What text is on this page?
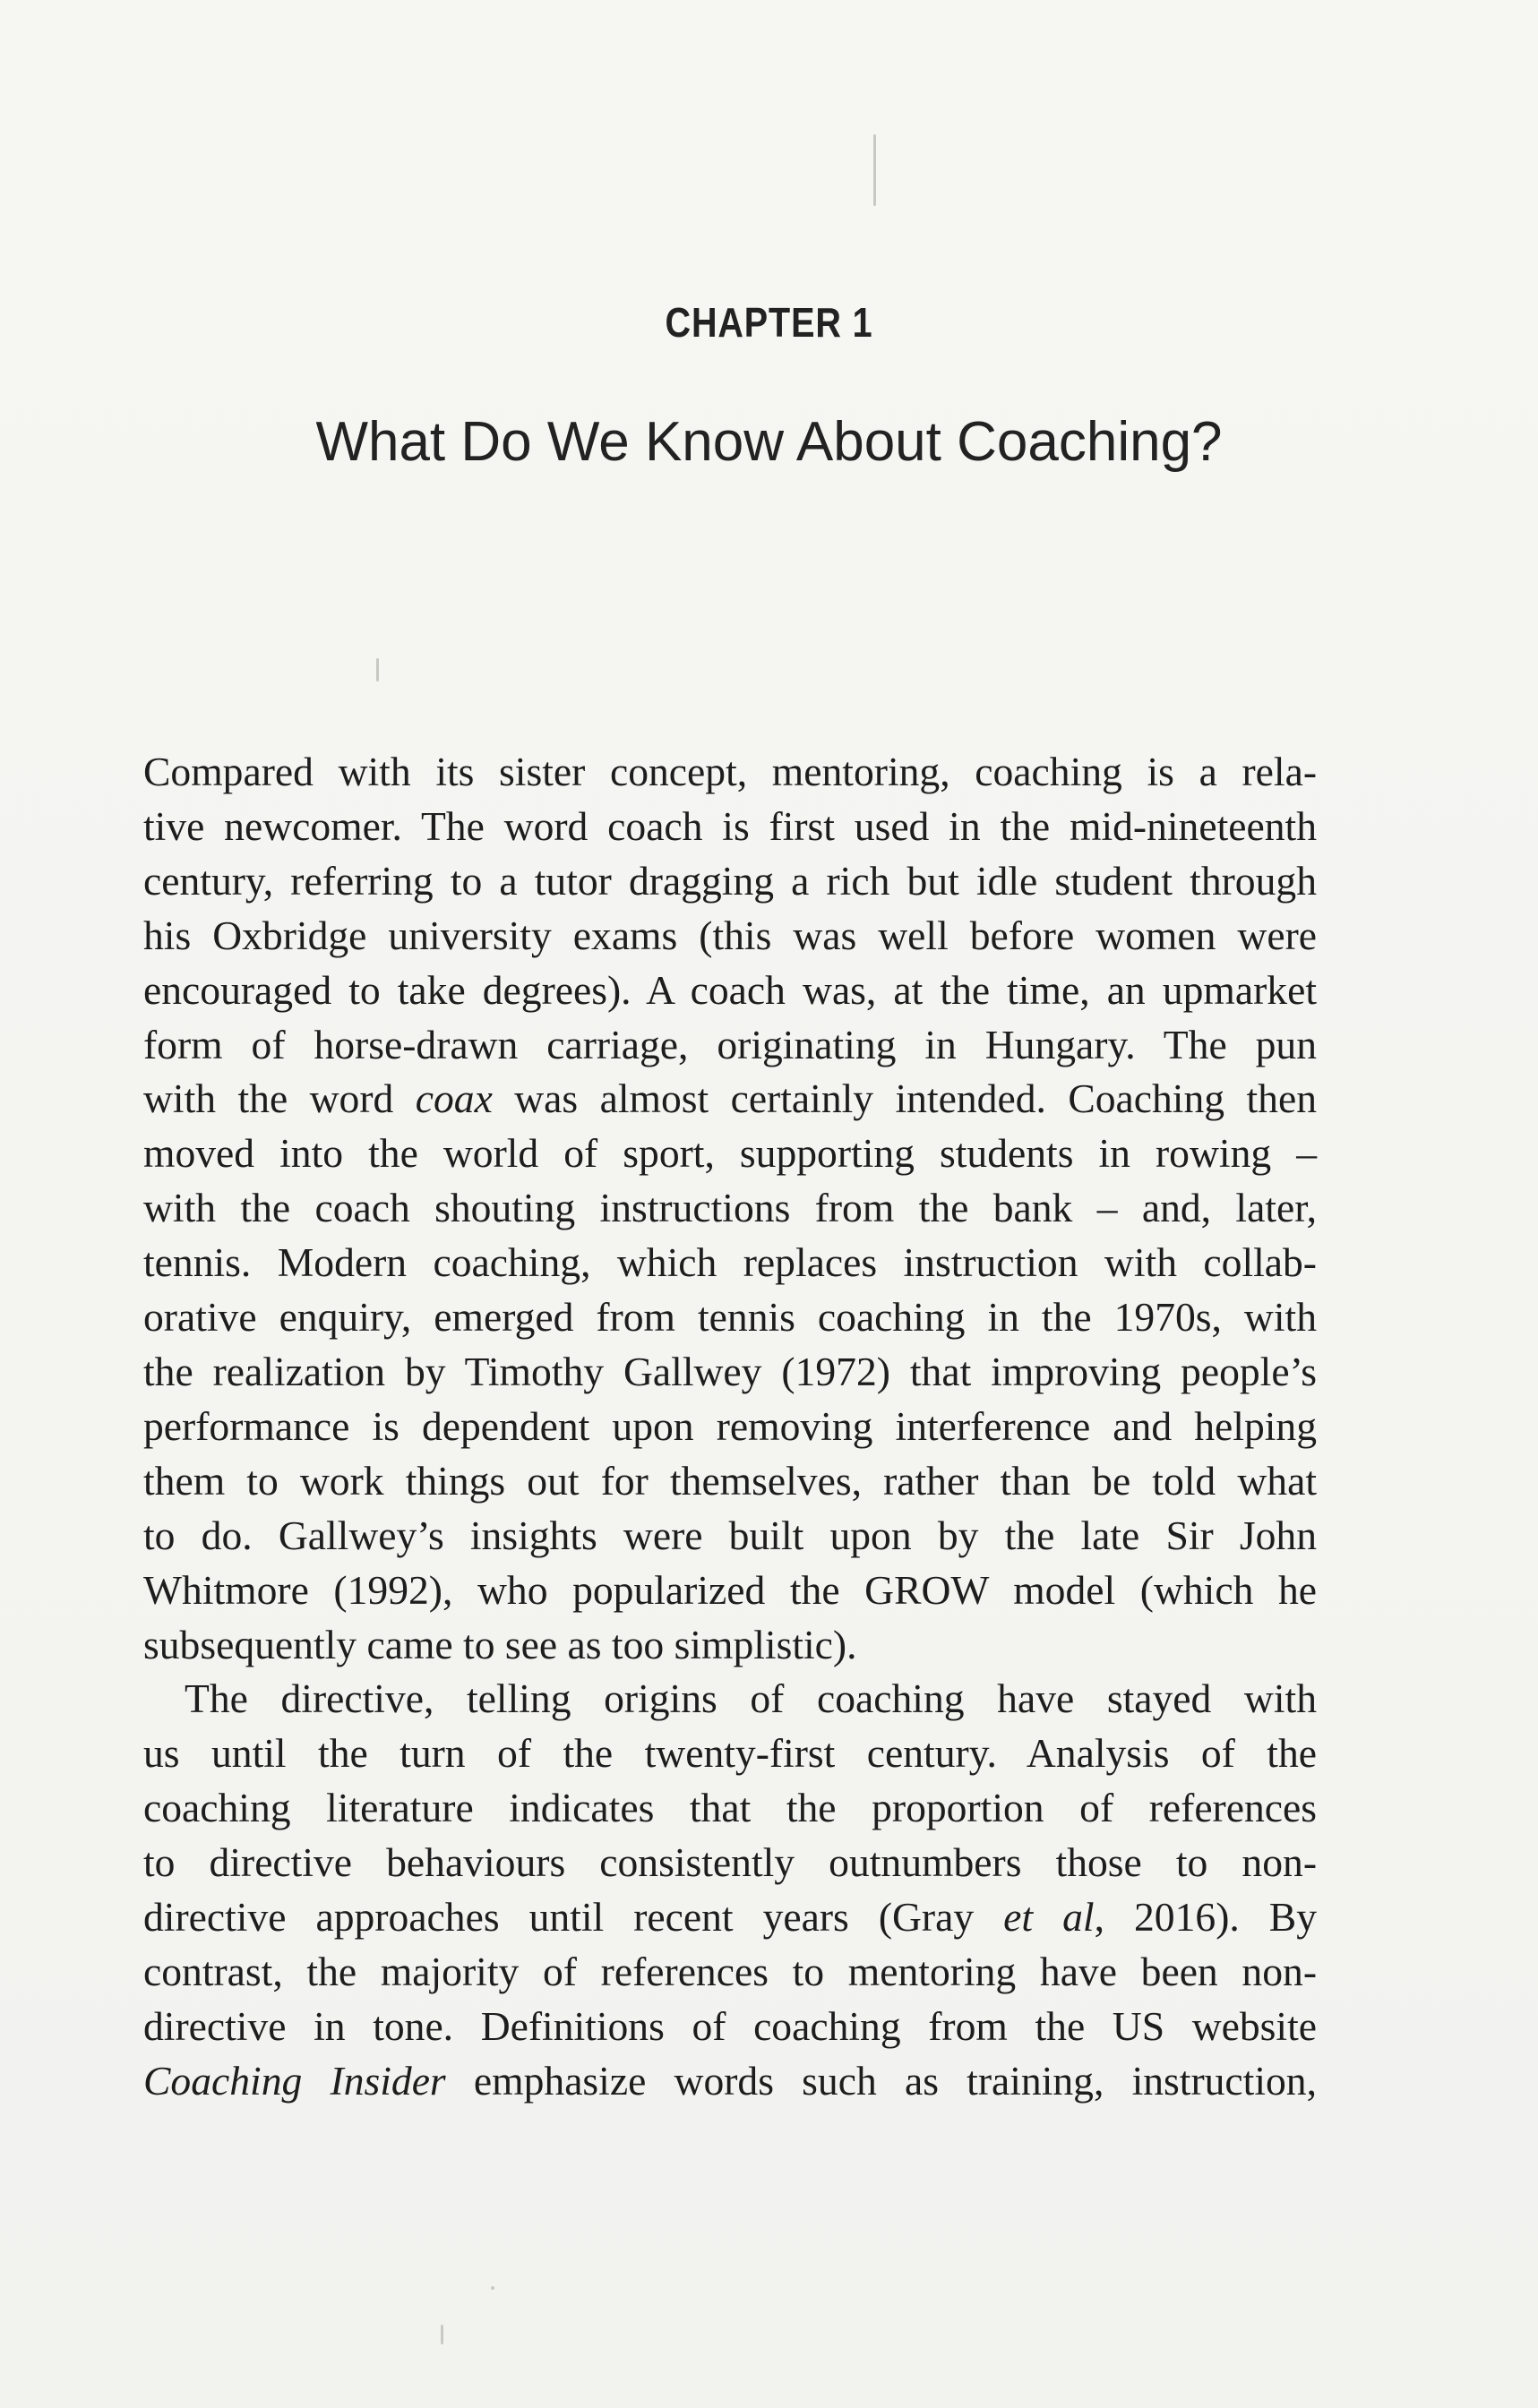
CHAPTER 1
What Do We Know About Coaching?
Compared with its sister concept, mentoring, coaching is a rela-
tive newcomer. The word coach is first used in the mid-nineteenth
century, referring to a tutor dragging a rich but idle student through
his Oxbridge university exams (this was well before women were
encouraged to take degrees). A coach was, at the time, an upmarket
form of horse-drawn carriage, originating in Hungary. The pun
with the word coax was almost certainly intended. Coaching then
moved into the world of sport, supporting students in rowing –
with the coach shouting instructions from the bank – and, later,
tennis. Modern coaching, which replaces instruction with collab-
orative enquiry, emerged from tennis coaching in the 1970s, with
the realization by Timothy Gallwey (1972) that improving people’s
performance is dependent upon removing interference and helping
them to work things out for themselves, rather than be told what
to do. Gallwey’s insights were built upon by the late Sir John
Whitmore (1992), who popularized the GROW model (which he
subsequently came to see as too simplistic).
The directive, telling origins of coaching have stayed with
us until the turn of the twenty-first century. Analysis of the
coaching literature indicates that the proportion of references
to directive behaviours consistently outnumbers those to non-
directive approaches until recent years (Gray et al, 2016). By
contrast, the majority of references to mentoring have been non-
directive in tone. Definitions of coaching from the US website
Coaching Insider emphasize words such as training, instruction,
